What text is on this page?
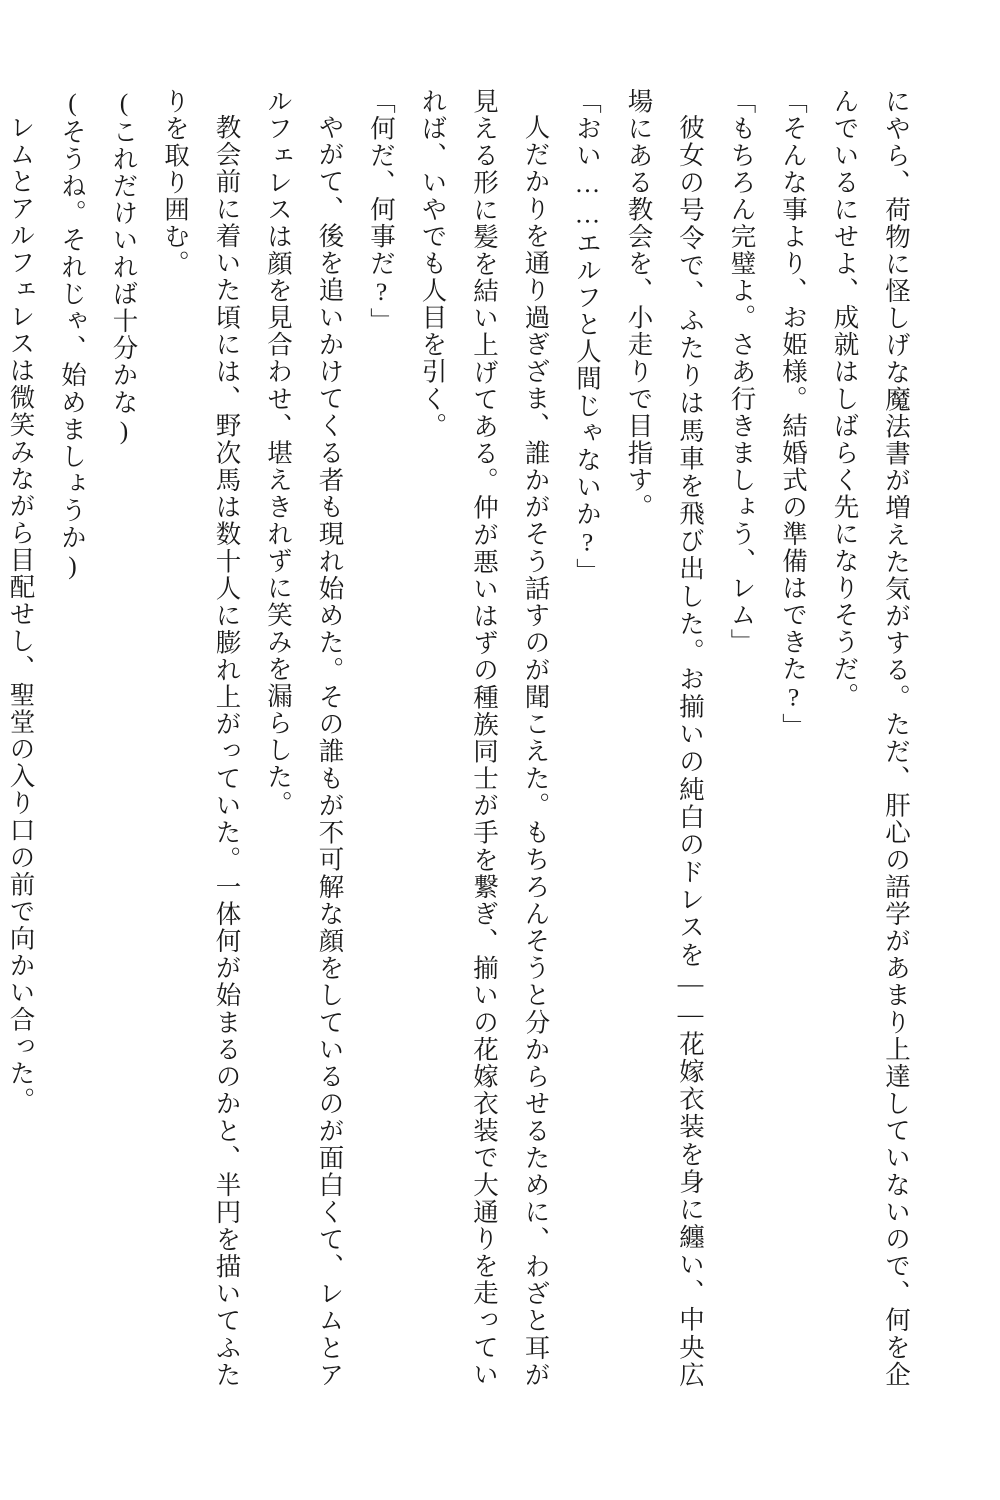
にやら、荷物に怪しげな魔法書が増えた気がする。ただ、肝心の語学があまり上達していないので、何を企んでいるにせよ、成就はしばらく先になりそうだ。

「そんな事より、お姫様。結婚式の準備はできた?」

「もちろん完璧よ。さあ行きましょう、レム」

彼女の号令で、ふたりは馬車を飛び出した。お揃いの純白のドレスを——花嫁衣装を身に纏い、中央広場にある教会を、小走りで目指す。

「おい……エルフと人間じゃないか?」

人だかりを通り過ぎざま、誰かがそう話すのが聞こえた。もちろんそうと分からせるために、わざと耳が見える形に髪を結い上げてある。仲が悪いはずの種族同士が手を繋ぎ、揃いの花嫁衣装で大通りを走っていれば、いやでも人目を引く。

「何だ、何事だ?」

やがて、後を追いかけてくる者も現れ始めた。その誰もが不可解な顔をしているのが面白くて、レムとアルフェレスは顔を見合わせ、堪えきれずに笑みを漏らした。

教会前に着いた頃には、野次馬は数十人に膨れ上がっていた。一体何が始まるのかと、半円を描いてふたりを取り囲む。

(これだけいれば十分かな)

(そうね。それじゃ、始めましょうか)

レムとアルフェレスは微笑みながら目配せし、聖堂の入り口の前で向かい合った。
